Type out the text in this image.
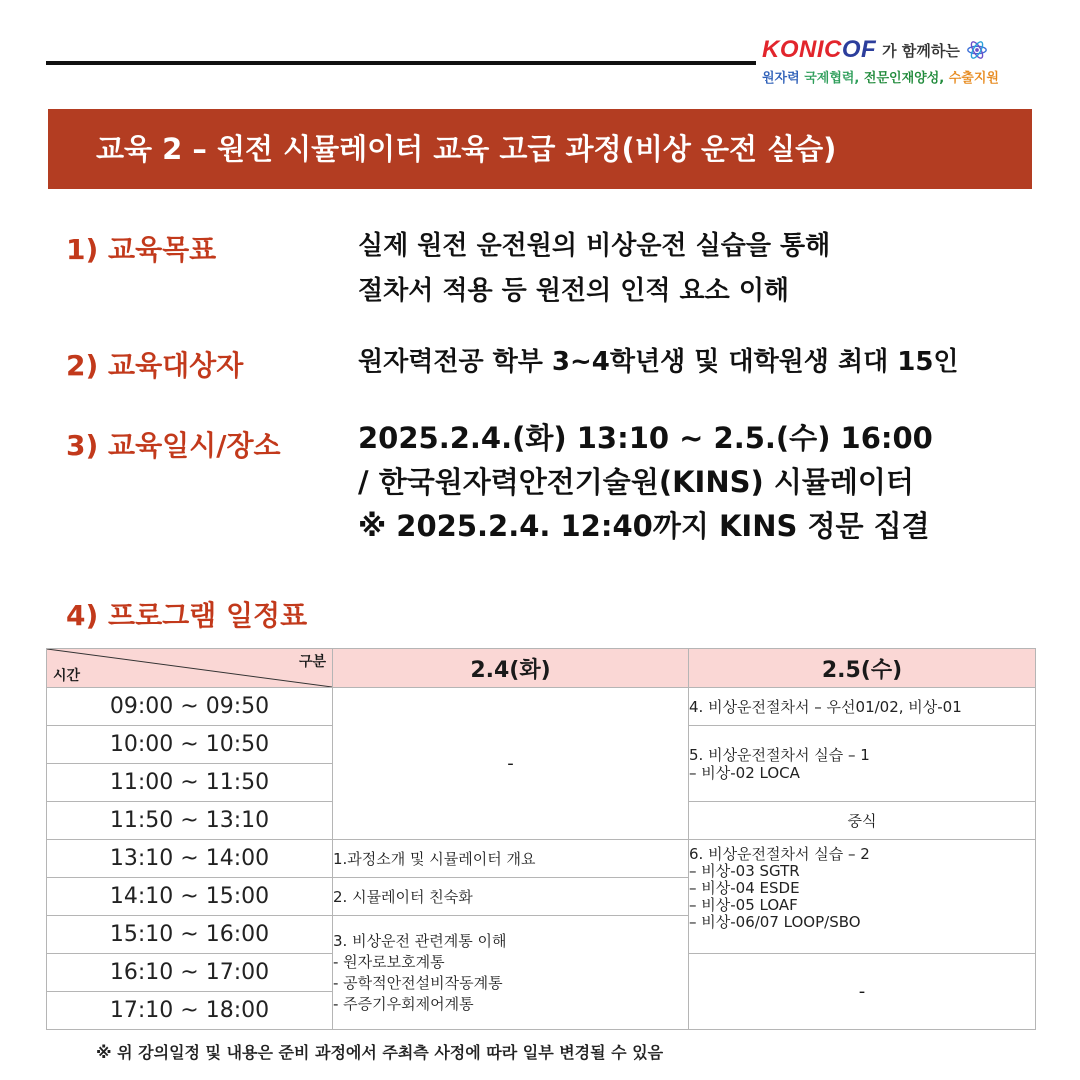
KONICOF 가 함께하는
원자력 국제협력, 전문인재양성, 수출지원
교육 2 – 원전 시뮬레이터 교육 고급 과정(비상 운전 실습)
1) 교육목표	실제 원전 운전원의 비상운전 실습을 통해
절차서 적용 등 원전의 인적 요소 이해
2) 교육대상자	원자력전공 학부 3~4학년생 및 대학원생 최대 15인
3) 교육일시/장소	2025.2.4.(화) 13:10 ~ 2.5.(수) 16:00
/ 한국원자력안전기술원(KINS) 시뮬레이터
※ 2025.2.4. 12:40까지 KINS 정문 집결
4) 프로그램 일정표
구분
시간	2.4(화)	2.5(수)
09:00 ~ 09:50	-	4. 비상운전절차서 – 우선01/02, 비상-01
10:00 ~ 10:50		5. 비상운전절차서 실습 – 1
– 비상-02 LOCA

11:00 ~ 11:50		
11:50 ~ 13:10		중식
13:10 ~ 14:00	1.과정소개 및 시뮬레이터 개요	6. 비상운전절차서 실습 – 2
– 비상-03 SGTR
– 비상-04 ESDE
– 비상-05 LOAF
– 비상-06/07 LOOP/SBO

14:10 ~ 15:00	2. 시뮬레이터 친숙화	
15:10 ~ 16:00	3. 비상운전 관련계통 이해
- 원자로보호계통
- 공학적안전설비작동계통
- 주증기우회제어계통	

16:10 ~ 17:00		-
17:10 ~ 18:00		
※ 위 강의일정 및 내용은 준비 과정에서 주최측 사정에 따라 일부 변경될 수 있음
